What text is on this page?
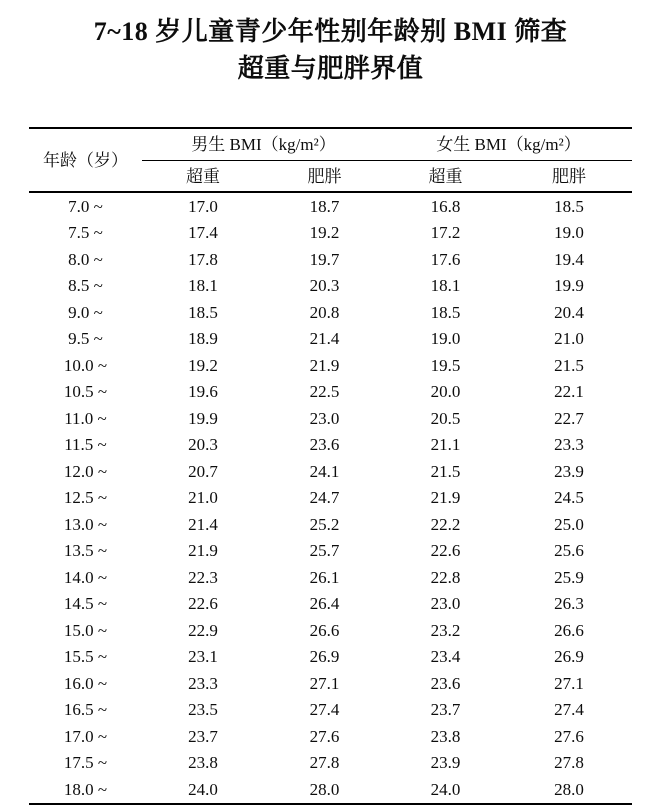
7~18 岁儿童青少年性别年龄别 BMI 筛查
超重与肥胖界值
年龄（岁）	男生 BMI（kg/m²）		女生 BMI（kg/m²）	
	超重	肥胖	超重	肥胖
7.0 ~	17.0	18.7	16.8	18.5
7.5 ~	17.4	19.2	17.2	19.0
8.0 ~	17.8	19.7	17.6	19.4
8.5 ~	18.1	20.3	18.1	19.9
9.0 ~	18.5	20.8	18.5	20.4
9.5 ~	18.9	21.4	19.0	21.0
10.0 ~	19.2	21.9	19.5	21.5
10.5 ~	19.6	22.5	20.0	22.1
11.0 ~	19.9	23.0	20.5	22.7
11.5 ~	20.3	23.6	21.1	23.3
12.0 ~	20.7	24.1	21.5	23.9
12.5 ~	21.0	24.7	21.9	24.5
13.0 ~	21.4	25.2	22.2	25.0
13.5 ~	21.9	25.7	22.6	25.6
14.0 ~	22.3	26.1	22.8	25.9
14.5 ~	22.6	26.4	23.0	26.3
15.0 ~	22.9	26.6	23.2	26.6
15.5 ~	23.1	26.9	23.4	26.9
16.0 ~	23.3	27.1	23.6	27.1
16.5 ~	23.5	27.4	23.7	27.4
17.0 ~	23.7	27.6	23.8	27.6
17.5 ~	23.8	27.8	23.9	27.8
18.0 ~	24.0	28.0	24.0	28.0
